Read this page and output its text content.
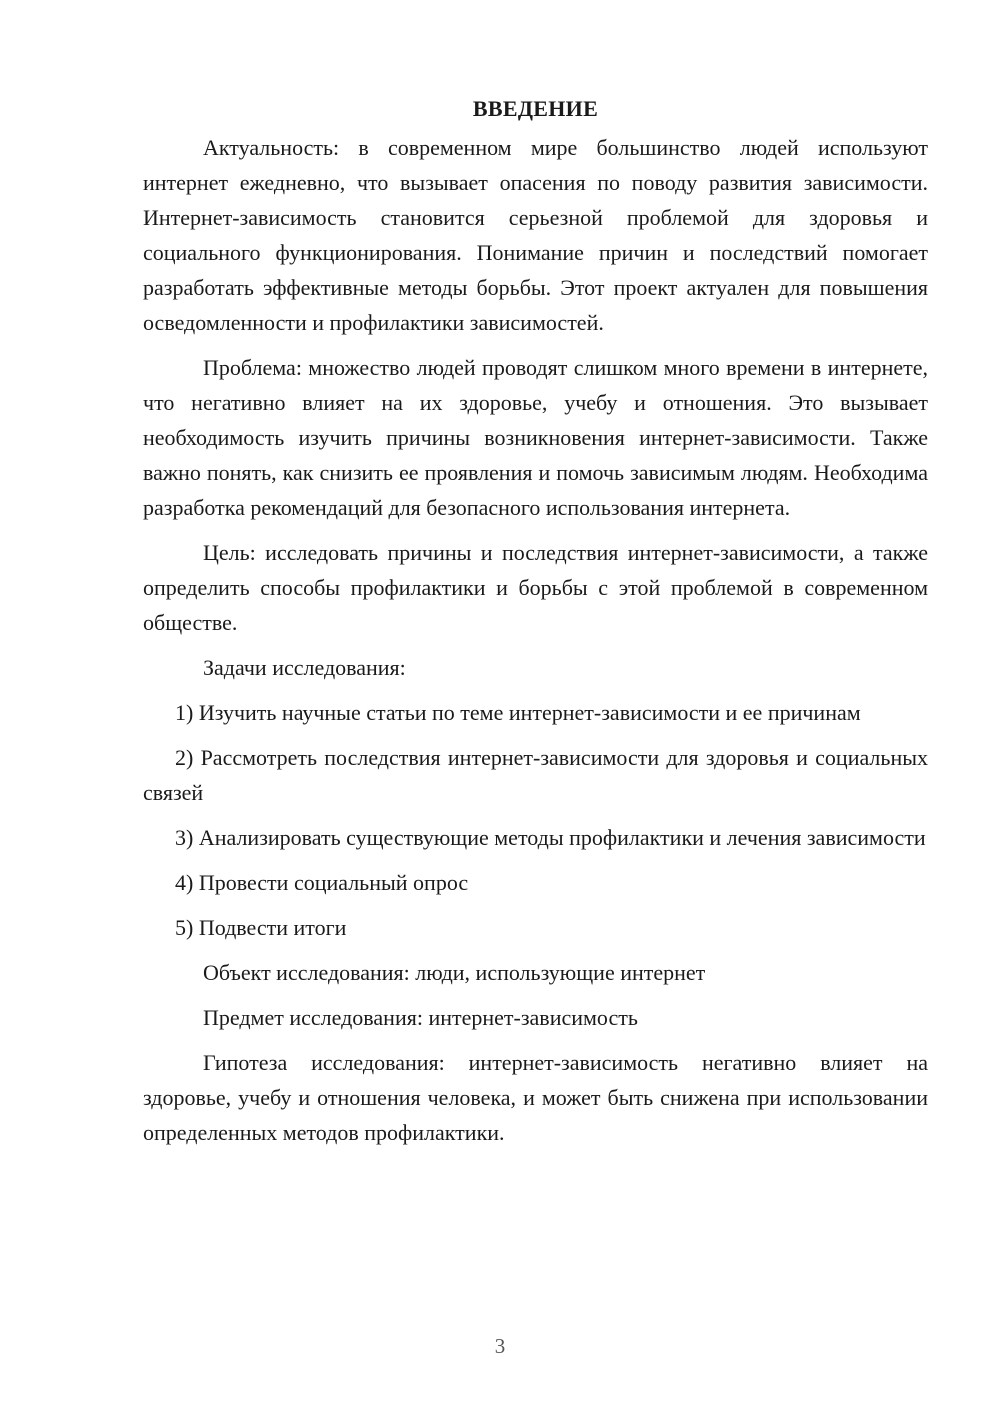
ВВЕДЕНИЕ

Актуальность: в современном мире большинство людей используют интернет ежедневно, что вызывает опасения по поводу развития зависимости. Интернет-зависимость становится серьезной проблемой для здоровья и социального функционирования. Понимание причин и последствий помогает разработать эффективные методы борьбы. Этот проект актуален для повышения осведомленности и профилактики зависимостей.

Проблема: множество людей проводят слишком много времени в интернете, что негативно влияет на их здоровье, учебу и отношения. Это вызывает необходимость изучить причины возникновения интернет-зависимости. Также важно понять, как снизить ее проявления и помочь зависимым людям. Необходима разработка рекомендаций для безопасного использования интернета.

Цель: исследовать причины и последствия интернет-зависимости, а также определить способы профилактики и борьбы с этой проблемой в современном обществе.

Задачи исследования:

1) Изучить научные статьи по теме интернет-зависимости и ее причинам

2) Рассмотреть последствия интернет-зависимости для здоровья и социальных связей

3) Анализировать существующие методы профилактики и лечения зависимости

4) Провести социальный опрос

5) Подвести итоги

Объект исследования: люди, использующие интернет

Предмет исследования: интернет-зависимость

Гипотеза исследования: интернет-зависимость негативно влияет на здоровье, учебу и отношения человека, и может быть снижена при использовании определенных методов профилактики.

3
